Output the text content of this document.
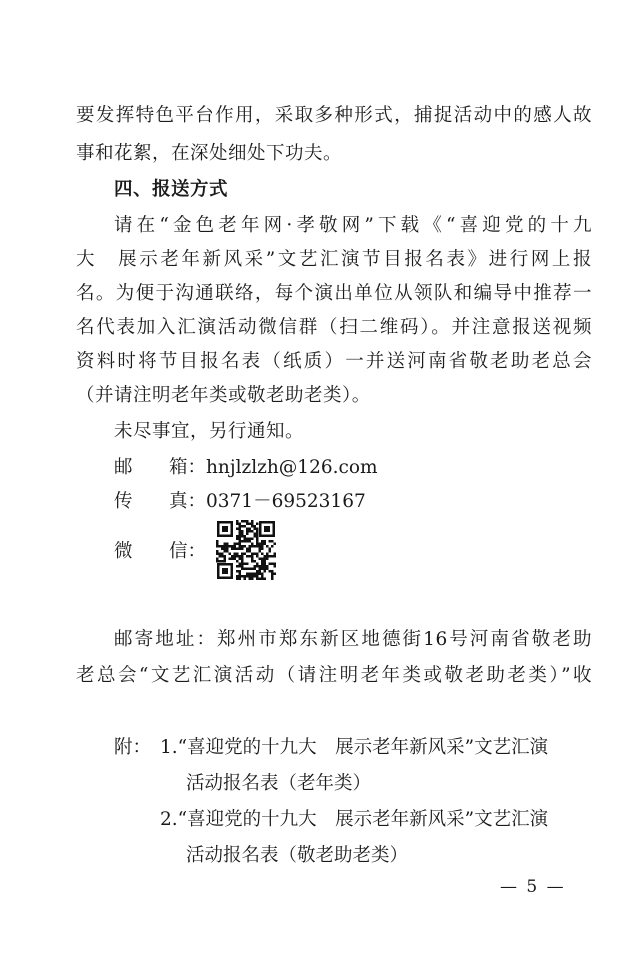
要发挥特色平台作用，采取多种形式，捕捉活动中的感人故
事和花絮，在深处细处下功夫。
四、报送方式
请在“金色老年网·孝敬网”下载《“喜迎党的十九
大　展示老年新风采”文艺汇演节目报名表》进行网上报
名。为便于沟通联络，每个演出单位从领队和编导中推荐一
名代表加入汇演活动微信群（扫二维码）。并注意报送视频
资料时将节目报名表（纸质）一并送河南省敬老助老总会
（并请注明老年类或敬老助老类）。
未尽事宜，另行通知。
邮 箱： hnjlzlzh@126.com
传 真： 0371－69523167
微 信：
邮寄地址：郑州市郑东新区地德街16号河南省敬老助
老总会“文艺汇演活动（请注明老年类或敬老助老类）”收
附： 1.“喜迎党的十九大　展示老年新风采”文艺汇演
活动报名表（老年类）
2.“喜迎党的十九大　展示老年新风采”文艺汇演
活动报名表（敬老助老类）
— 5 —
